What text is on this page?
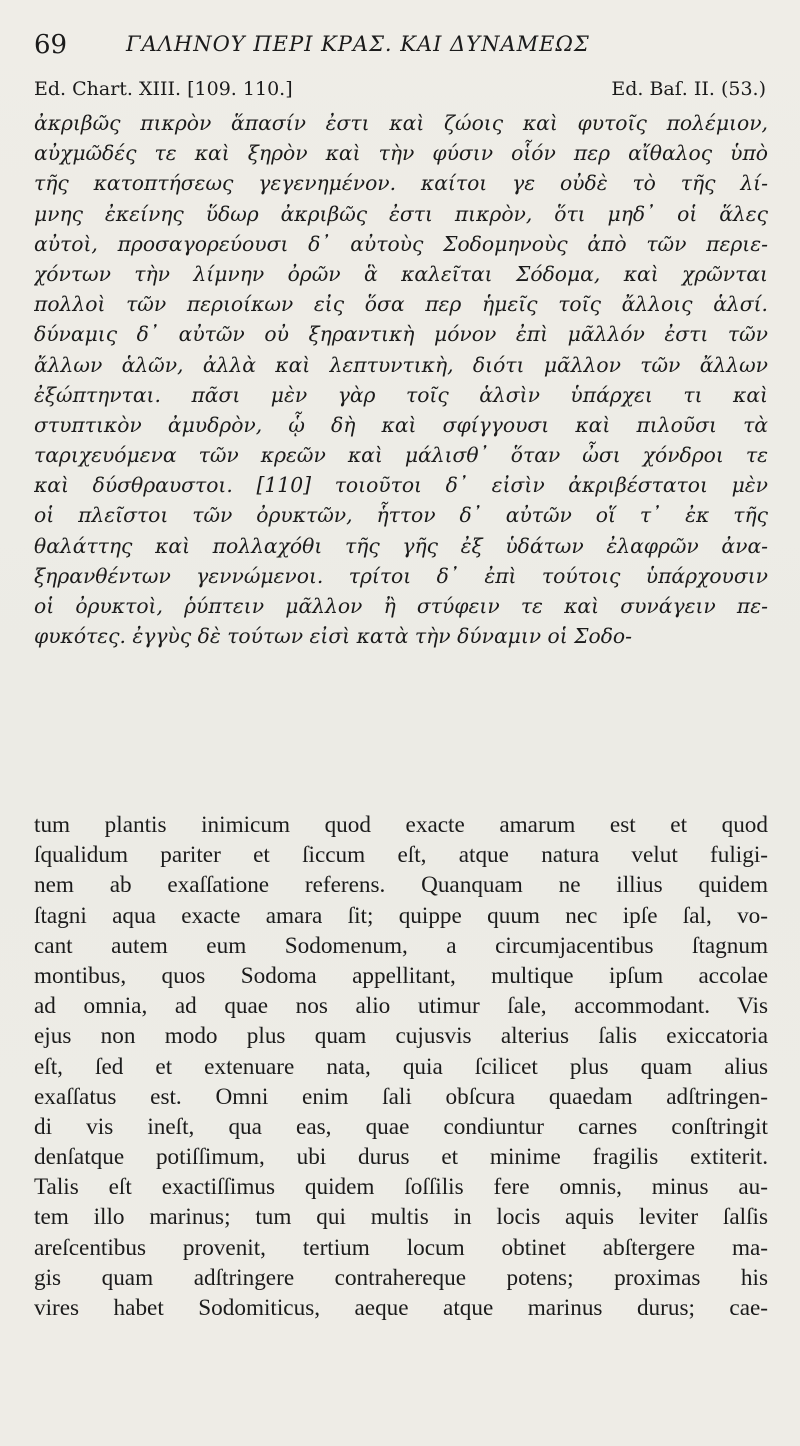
69	ΓΑΛΗΝΟΥ ΠΕΡΙ ΚΡΑΣ. ΚΑΙ ΔΥΝΑΜΕΩΣ
Ed. Chart. XIII. [109. 110.]	Ed. Baſ. II. (53.)
ἀκριβῶς πικρὸν ἅπασίν ἐστι καὶ ζώοις καὶ φυτοῖς πολέμιον,
αὐχμῶδές τε καὶ ξηρὸν καὶ τὴν φύσιν οἷόν περ αἴθαλος ὑπὸ
τῆς κατοπτήσεως γεγενημένον. καίτοι γε οὐδὲ τὸ τῆς λί-
μνης ἐκείνης ὕδωρ ἀκριβῶς ἐστι πικρὸν, ὅτι μηδ᾽ οἱ ἅλες
αὐτοὶ, προσαγορεύουσι δ᾽ αὐτοὺς Σοδομηνοὺς ἀπὸ τῶν περιε-
χόντων τὴν λίμνην ὀρῶν ἃ καλεῖται Σόδομα, καὶ χρῶνται
πολλοὶ τῶν περιοίκων εἰς ὅσα περ ἡμεῖς τοῖς ἄλλοις ἁλσί.
δύναμις δ᾽ αὐτῶν οὐ ξηραντικὴ μόνον ἐπὶ μᾶλλόν ἐστι τῶν
ἄλλων ἁλῶν, ἀλλὰ καὶ λεπτυντικὴ, διότι μᾶλλον τῶν ἄλλων
ἐξώπτηνται. πᾶσι μὲν γὰρ τοῖς ἁλσὶν ὑπάρχει τι καὶ
στυπτικὸν ἀμυδρὸν, ᾧ δὴ καὶ σφίγγουσι καὶ πιλοῦσι τὰ
ταριχευόμενα τῶν κρεῶν καὶ μάλισθ᾽ ὅταν ὦσι χόνδροι τε
καὶ δύσθραυστοι. [110] τοιοῦτοι δ᾽ εἰσὶν ἀκριβέστατοι μὲν
οἱ πλεῖστοι τῶν ὀρυκτῶν, ἧττον δ᾽ αὐτῶν οἵ τ᾽ ἐκ τῆς
θαλάττης καὶ πολλαχόθι τῆς γῆς ἐξ ὑδάτων ἐλαφρῶν ἀνα-
ξηρανθέντων γεννώμενοι. τρίτοι δ᾽ ἐπὶ τούτοις ὑπάρχουσιν
οἱ ὀρυκτοὶ, ῥύπτειν μᾶλλον ἢ στύφειν τε καὶ συνάγειν πε-
φυκότες. ἐγγὺς δὲ τούτων εἰσὶ κατὰ τὴν δύναμιν οἱ Σοδο-
tum plantis inimicum quod exacte amarum est et quod
ſqualidum pariter et ſiccum eſt, atque natura velut fuligi-
nem ab exaſſatione referens. Quanquam ne illius quidem
ſtagni aqua exacte amara ſit; quippe quum nec ipſe ſal, vo-
cant autem eum Sodomenum, a circumjacentibus ſtagnum
montibus, quos Sodoma appellitant, multique ipſum accolae
ad omnia, ad quae nos alio utimur ſale, accommodant. Vis
ejus non modo plus quam cujusvis alterius ſalis exiccatoria
eſt, ſed et extenuare nata, quia ſcilicet plus quam alius
exaſſatus est. Omni enim ſali obſcura quaedam adſtringen-
di vis ineſt, qua eas, quae condiuntur carnes conſtringit
denſatque potiſſimum, ubi durus et minime fragilis extiterit.
Talis eſt exactiſſimus quidem ſoſſilis fere omnis, minus au-
tem illo marinus; tum qui multis in locis aquis leviter ſalſis
areſcentibus provenit, tertium locum obtinet abſtergere ma-
gis quam adſtringere contrahereque potens; proximas his
vires habet Sodomiticus, aeque atque marinus durus; cae-
